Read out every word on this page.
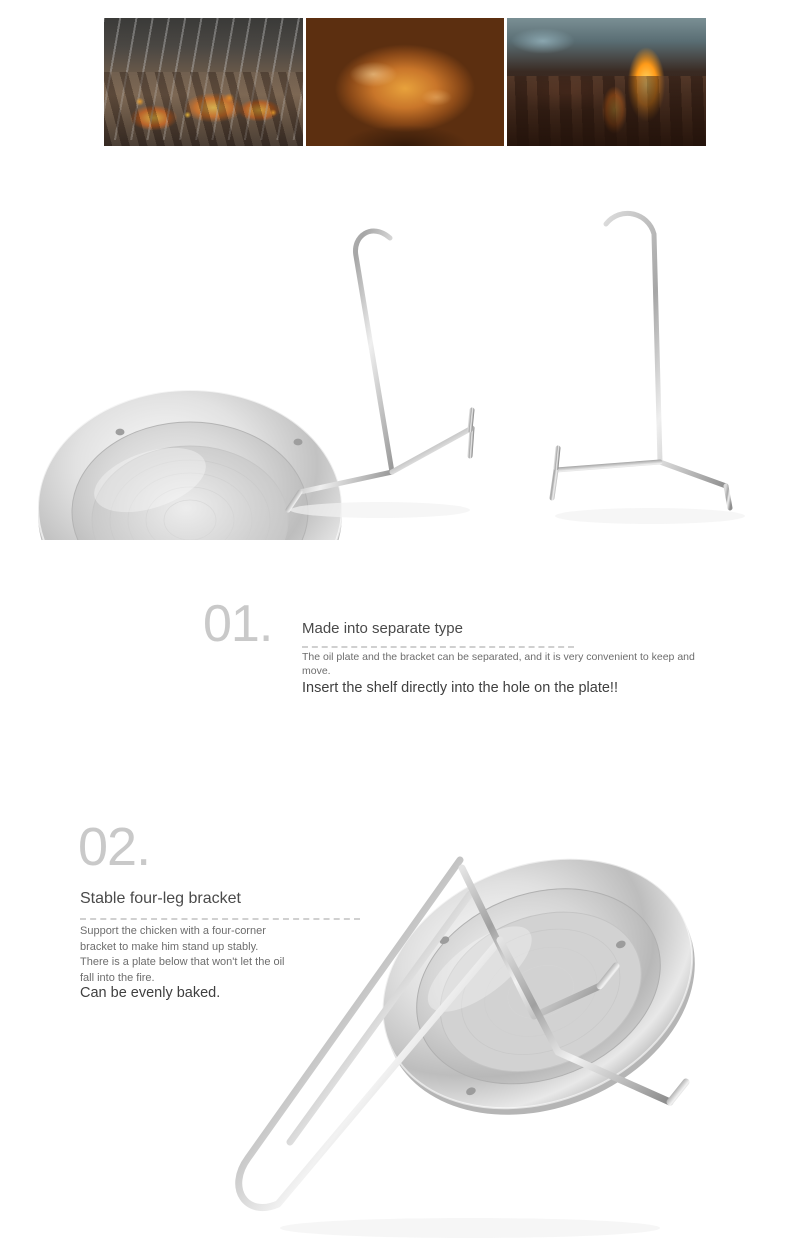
01. Made into separate type
The oil plate and the bracket can be separated, and it is very convenient to keep and move.
Insert the shelf directly into the hole on the plate!!
02.
Stable four-leg bracket
Support the chicken with a four-corner bracket to make him stand up stably. There is a plate below that won't let the oil fall into the fire.
Can be evenly baked.
